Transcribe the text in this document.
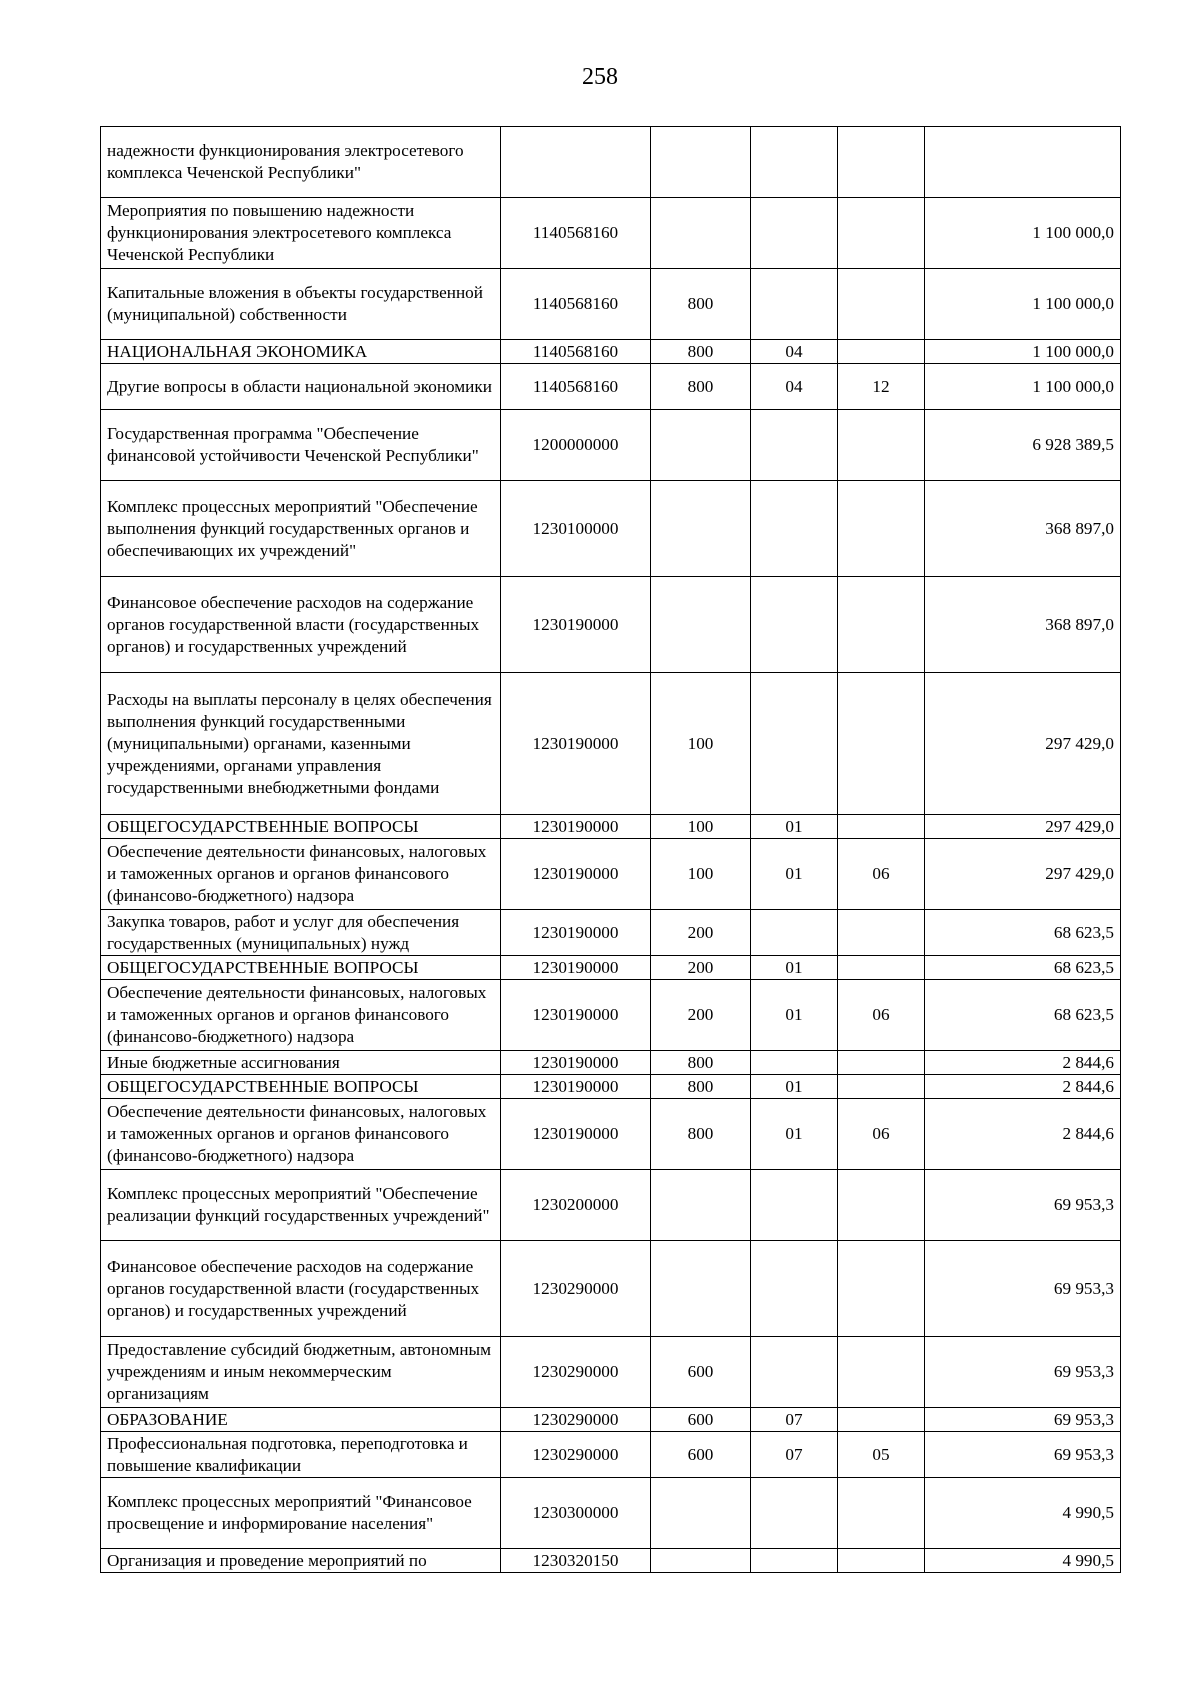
258
надежности функционирования электросетевого комплекса Чеченской Республики"					
Мероприятия по повышению надежности функционирования электросетевого комплекса Чеченской Республики	1140568160				1 100 000,0
Капитальные вложения в объекты государственной (муниципальной) собственности	1140568160	800			1 100 000,0
НАЦИОНАЛЬНАЯ ЭКОНОМИКА	1140568160	800	04		1 100 000,0
Другие вопросы в области национальной экономики	1140568160	800	04	12	1 100 000,0
Государственная программа "Обеспечение финансовой устойчивости Чеченской Республики"	1200000000				6 928 389,5
Комплекс процессных мероприятий "Обеспечение выполнения функций государственных органов и обеспечивающих их учреждений"	1230100000				368 897,0
Финансовое обеспечение расходов на содержание органов государственной власти (государственных органов) и государственных учреждений	1230190000				368 897,0
Расходы на выплаты персоналу в целях обеспечения выполнения функций государственными (муниципальными) органами, казенными учреждениями, органами управления государственными внебюджетными фондами	1230190000	100			297 429,0
ОБЩЕГОСУДАРСТВЕННЫЕ ВОПРОСЫ	1230190000	100	01		297 429,0
Обеспечение деятельности финансовых, налоговых и таможенных органов и органов финансового (финансово-бюджетного) надзора	1230190000	100	01	06	297 429,0
Закупка товаров, работ и услуг для обеспечения государственных (муниципальных) нужд	1230190000	200			68 623,5
ОБЩЕГОСУДАРСТВЕННЫЕ ВОПРОСЫ	1230190000	200	01		68 623,5
Обеспечение деятельности финансовых, налоговых и таможенных органов и органов финансового (финансово-бюджетного) надзора	1230190000	200	01	06	68 623,5
Иные бюджетные ассигнования	1230190000	800			2 844,6
ОБЩЕГОСУДАРСТВЕННЫЕ ВОПРОСЫ	1230190000	800	01		2 844,6
Обеспечение деятельности финансовых, налоговых и таможенных органов и органов финансового (финансово-бюджетного) надзора	1230190000	800	01	06	2 844,6
Комплекс процессных мероприятий "Обеспечение реализации функций государственных учреждений"	1230200000				69 953,3
Финансовое обеспечение расходов на содержание органов государственной власти (государственных органов) и государственных учреждений	1230290000				69 953,3
Предоставление субсидий бюджетным, автономным учреждениям и иным некоммерческим организациям	1230290000	600			69 953,3
ОБРАЗОВАНИЕ	1230290000	600	07		69 953,3
Профессиональная подготовка, переподготовка и повышение квалификации	1230290000	600	07	05	69 953,3
Комплекс процессных мероприятий "Финансовое просвещение и информирование населения"	1230300000				4 990,5
Организация и проведение мероприятий по	1230320150				4 990,5
